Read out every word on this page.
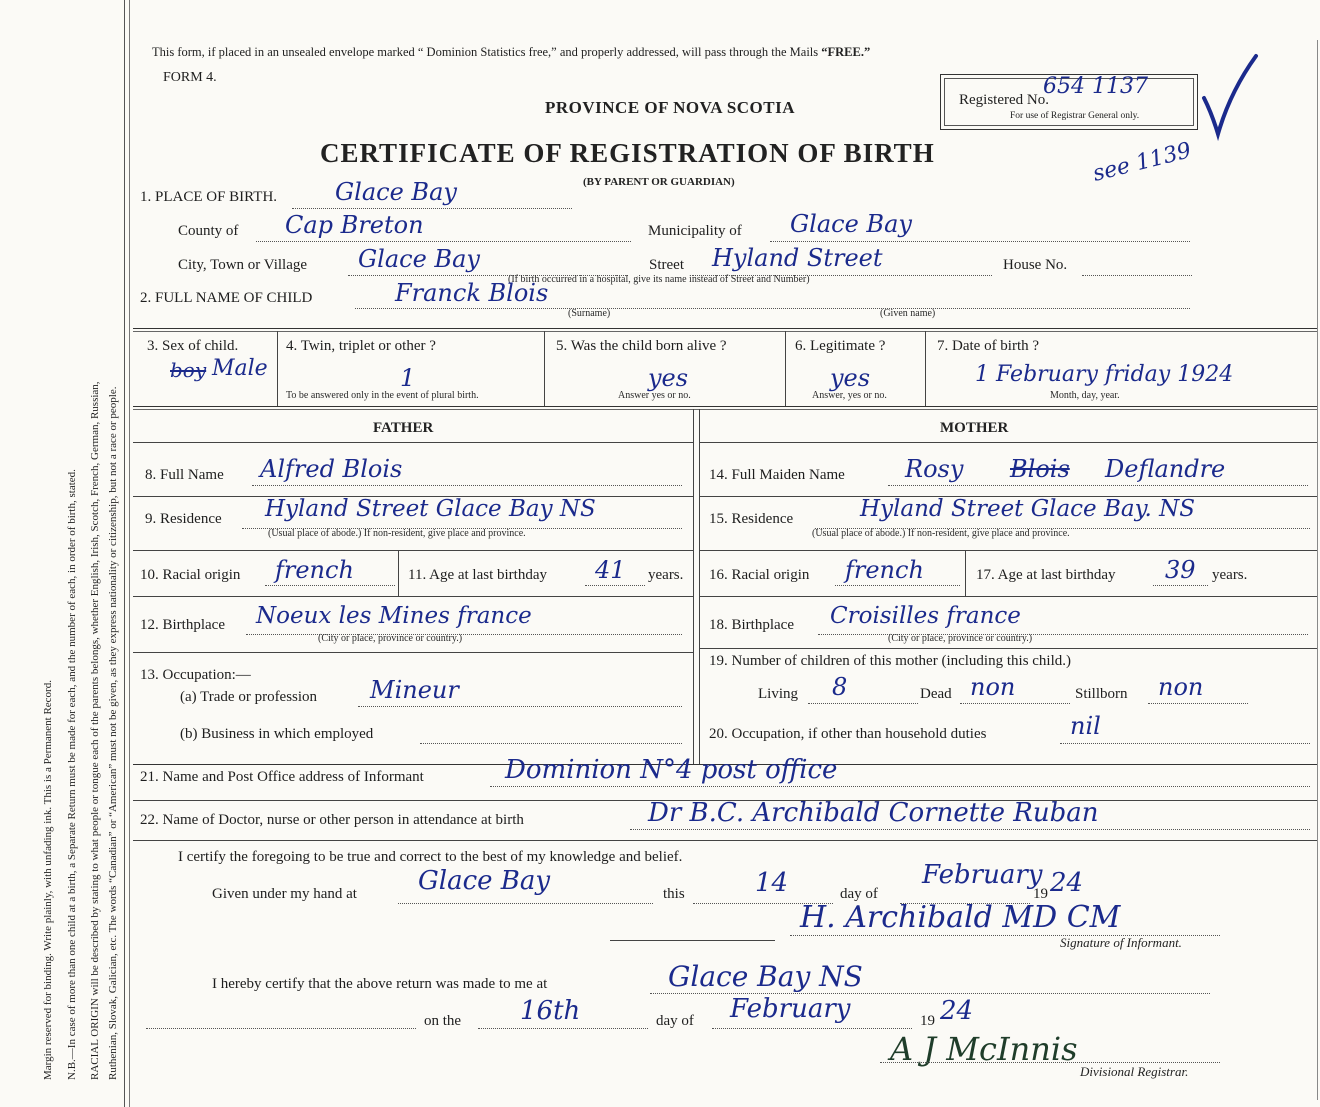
Margin reserved for binding. Write plainly, with unfading ink. This is a Permanent Record. N.B.—In case of more than one child at a birth, a Separate Return must be made for each, and the number of each, in order of birth, stated. RACIAL ORIGIN will be described by stating to what people or tongue each of the parents belongs, whether English, Irish, Scotch, French, German, Russian, Ruthenian, Slovak, Galician, etc. The words “Canadian” or “American” must not be given, as they express nationality or citizenship, but not a race or people.
This form, if placed in an unsealed envelope marked “ Dominion Statistics free,” and properly addressed, will pass through the Mails “FREE.”
FORM 4.
PROVINCE OF NOVA SCOTIA
CERTIFICATE OF REGISTRATION OF BIRTH
(BY PARENT OR GUARDIAN)
Registered No.
For use of Registrar General only.
654 1137
see 1139
1. PLACE OF BIRTH. Glace Bay
County of Cap Breton	Municipality of Glace Bay
City, Town or Village Glace Bay	Street Hyland Street	House No.
(If birth occurred in a hospital, give its name instead of Street and Number)
2. FULL NAME OF CHILD	Franck Blois
(Surname)	(Given name)
3. Sex of child.
boy Male
4. Twin, triplet or other ?
1
To be answered only in the event of plural birth.
5. Was the child born alive ?
yes
Answer yes or no.
6. Legitimate ?
yes
Answer, yes or no.
7. Date of birth ?
1 February friday 1924
Month, day, year.
FATHER	MOTHER
8. Full Name Alfred Blois
9. Residence Hyland Street Glace Bay NS
(Usual place of abode.) If non-resident, give place and province.
10. Racial origin french	11. Age at last birthday 41 years.
12. Birthplace Noeux les Mines france
(City or place, province or country.)
13. Occupation:—
(a) Trade or profession Mineur
(b) Business in which employed
14. Full Maiden Name	Rosy Blois Deflandre
15. Residence	Hyland Street Glace Bay. NS
(Usual place of abode.) If non-resident, give place and province.
16. Racial origin french	17. Age at last birthday 39 years.
18. Birthplace Croisilles france
(City or place, province or country.)
19. Number of children of this mother (including this child.)
Living 8	Dead non	Stillborn non
20. Occupation, if other than household duties	nil
21. Name and Post Office address of Informant	Dominion N°4 post office
22. Name of Doctor, nurse or other person in attendance at birth	Dr B.C. Archibald Cornette Ruban
I certify the foregoing to be true and correct to the best of my knowledge and belief.
Given under my hand at Glace Bay	this	14	day of
February
19 24
H. Archibald MD CM
Signature of Informant.
I hereby certify that the above return was made to me at	Glace Bay NS
on the 16th	day of February	19 24
A J McInnis
Divisional Registrar.
